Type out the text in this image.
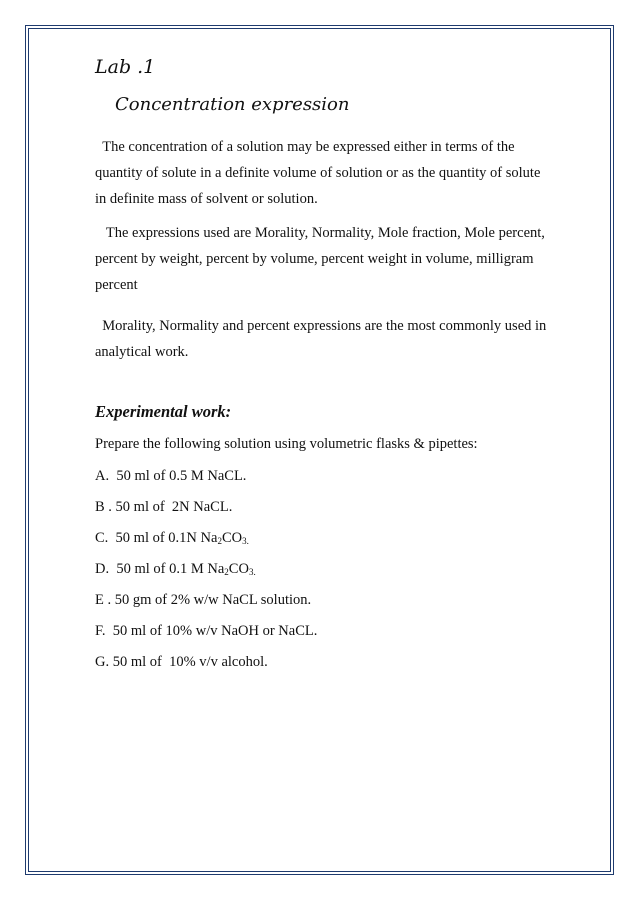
Lab .1
Concentration expression

The concentration of a solution may be expressed either in terms of the quantity of solute in a definite volume of solution or as the quantity of solute in definite mass of solvent or solution.

The expressions used are Morality, Normality, Mole fraction, Mole percent, percent by weight, percent by volume, percent weight in volume, milligram percent

Morality, Normality and percent expressions are the most commonly used in analytical work.

Experimental work:
Prepare the following solution using volumetric flasks & pipettes:
A.  50 ml of 0.5 M NaCL.
B . 50 ml of  2N NaCL.
C.  50 ml of 0.1N $Na_2CO_{3.}$
D.  50 ml of 0.1 M $Na_2CO_{3.}$
E . 50 gm of 2% w/w NaCL solution.
F.  50 ml of 10% w/v NaOH or NaCL.
G. 50 ml of  10% v/v alcohol.
